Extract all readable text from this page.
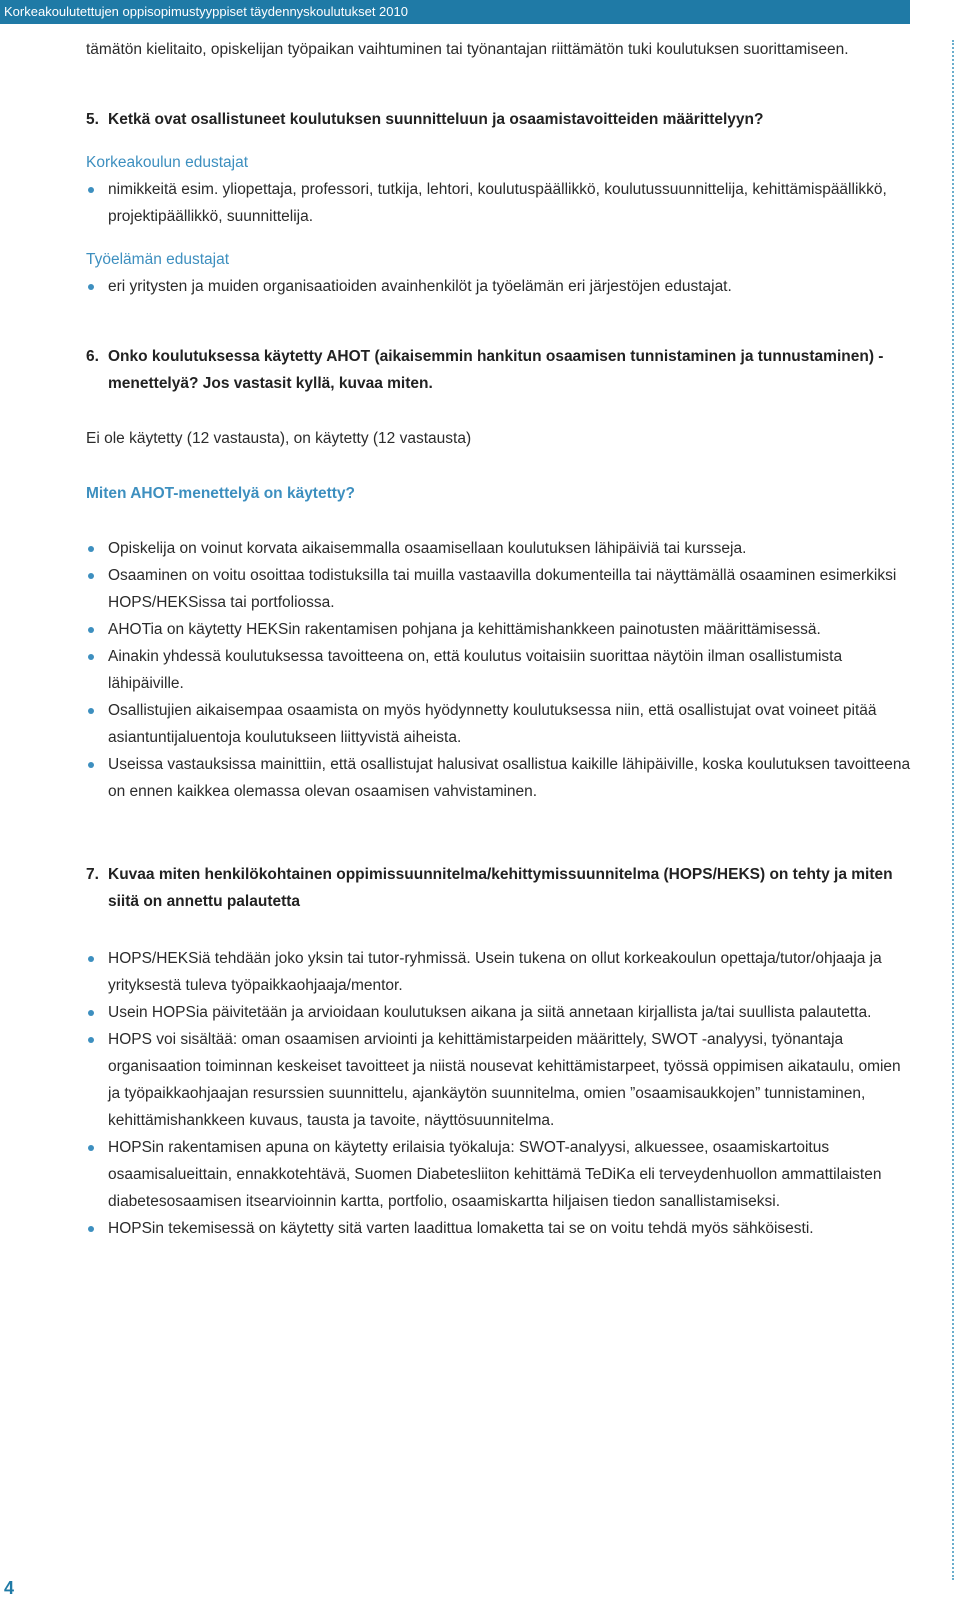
Korkeakoulutettujen oppisopimustyyppiset täydennyskoulutukset 2010

tämätön kielitaito, opiskelijan työpaikan vaihtuminen tai työnantajan riittämätön tuki koulutuksen suorittamiseen.

5. Ketkä ovat osallistuneet koulutuksen suunnitteluun ja osaamistavoitteiden määrittelyyn?

Korkeakoulun edustajat

nimikkeitä esim. yliopettaja, professori, tutkija, lehtori, koulutuspäällikkö, koulutussuunnittelija, kehittämispäällikkö, projektipäällikkö, suunnittelija.

Työelämän edustajat

eri yritysten ja muiden organisaatioiden avainhenkilöt ja työelämän eri järjestöjen edustajat.

6. Onko koulutuksessa käytetty AHOT (aikaisemmin hankitun osaamisen tunnistaminen ja tunnustaminen) -menettelyä? Jos vastasit kyllä, kuvaa miten.

Ei ole käytetty (12 vastausta), on käytetty (12 vastausta)

Miten AHOT-menettelyä on käytetty?

Opiskelija on voinut korvata aikaisemmalla osaamisellaan koulutuksen lähipäiviä tai kursseja.
Osaaminen on voitu osoittaa todistuksilla tai muilla vastaavilla dokumenteilla tai näyttämällä osaaminen esimerkiksi HOPS/HEKSissa tai portfoliossa.
AHOTia on käytetty HEKSin rakentamisen pohjana ja kehittämishankkeen painotusten määrittämisessä.
Ainakin yhdessä koulutuksessa tavoitteena on, että koulutus voitaisiin suorittaa näytöin ilman osallistumista lähipäiville.
Osallistujien aikaisempaa osaamista on myös hyödynnetty koulutuksessa niin, että osallistujat ovat voineet pitää asiantuntijaluentoja koulutukseen liittyvistä aiheista.
Useissa vastauksissa mainittiin, että osallistujat halusivat osallistua kaikille lähipäiville, koska koulutuksen tavoitteena on ennen kaikkea olemassa olevan osaamisen vahvistaminen.

7. Kuvaa miten henkilökohtainen oppimissuunnitelma/kehittymissuunnitelma (HOPS/HEKS) on tehty ja miten siitä on annettu palautetta

HOPS/HEKSiä tehdään joko yksin tai tutor-ryhmissä. Usein tukena on ollut korkeakoulun opettaja/tutor/ohjaaja ja yrityksestä tuleva työpaikkaohjaaja/mentor.
Usein HOPSia päivitetään ja arvioidaan koulutuksen aikana ja siitä annetaan kirjallista ja/tai suullista palautetta.
HOPS voi sisältää: oman osaamisen arviointi ja kehittämistarpeiden määrittely, SWOT -analyysi, työnantaja organisaation toiminnan keskeiset tavoitteet ja niistä nousevat kehittämistarpeet, työssä oppimisen aikataulu, omien ja työpaikkaohjaajan resurssien suunnittelu, ajankäytön suunnitelma, omien ”osaamisaukkojen” tunnistaminen, kehittämishankkeen kuvaus, tausta ja tavoite, näyttösuunnitelma.
HOPSin rakentamisen apuna on käytetty erilaisia työkaluja: SWOT-analyysi, alkuessee, osaamiskartoitus osaamisalueittain, ennakkotehtävä, Suomen Diabetesliiton kehittämä TeDiKa eli terveydenhuollon ammattilaisten diabetesosaamisen itsearvioinnin kartta, portfolio, osaamiskartta hiljaisen tiedon sanallistamiseksi.
HOPSin tekemisessä on käytetty sitä varten laadittua lomaketta tai se on voitu tehdä myös sähköisesti.
4
